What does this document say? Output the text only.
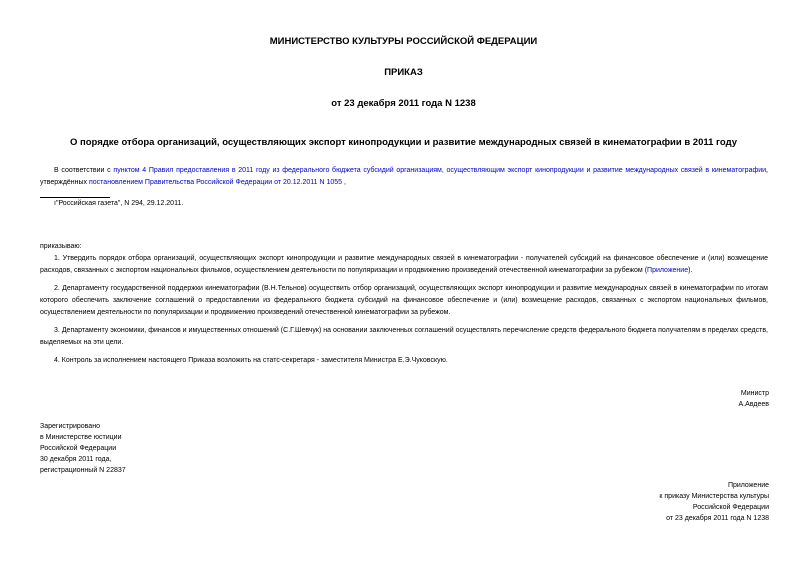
МИНИСТЕРСТВО КУЛЬТУРЫ РОССИЙСКОЙ ФЕДЕРАЦИИ
ПРИКАЗ
от 23 декабря 2011 года N 1238
О порядке отбора организаций, осуществляющих экспорт кинопродукции и развитие международных связей в кинематографии в 2011 году
В соответствии с пунктом 4 Правил предоставления в 2011 году из федерального бюджета субсидий организациям, осуществляющим экспорт кинопродукции и развитие международных связей в кинематографии, утверждённых постановлением Правительства Российской Федерации от 20.12.2011 N 1055 ,
ı"Российская газета", N 294, 29.12.2011.
приказываю:
1. Утвердить порядок отбора организаций, осуществляющих экспорт кинопродукции и развитие международных связей в кинематографии - получателей субсидий на финансовое обеспечение и (или) возмещение расходов, связанных с экспортом национальных фильмов, осуществлением деятельности по популяризации и продвижению произведений отечественной кинематографии за рубежом (Приложение).
2. Департаменту государственной поддержки кинематографии (В.Н.Тельнов) осуществить отбор организаций, осуществляющих экспорт кинопродукции и развитие международных связей в кинематографии по итогам которого обеспечить заключение соглашений о предоставлении из федерального бюджета субсидий на финансовое обеспечение и (или) возмещение расходов, связанных с экспортом национальных фильмов, осуществлением деятельности по популяризации и продвижению произведений отечественной кинематографии за рубежом.
3. Департаменту экономики, финансов и имущественных отношений (С.Г.Шевчук) на основании заключенных соглашений осуществлять перечисление средств федерального бюджета получателям в пределах средств, выделяемых на эти цели.
4. Контроль за исполнением настоящего Приказа возложить на статс-секретаря - заместителя Министра Е.Э.Чуковскую.
Министр
А.Авдеев
Зарегистрировано
в Министерстве юстиции
Российской Федерации
30 декабря 2011 года,
регистрационный N 22837
Приложение
к приказу Министерства культуры
Российской Федерации
от 23 декабря 2011 года N 1238
